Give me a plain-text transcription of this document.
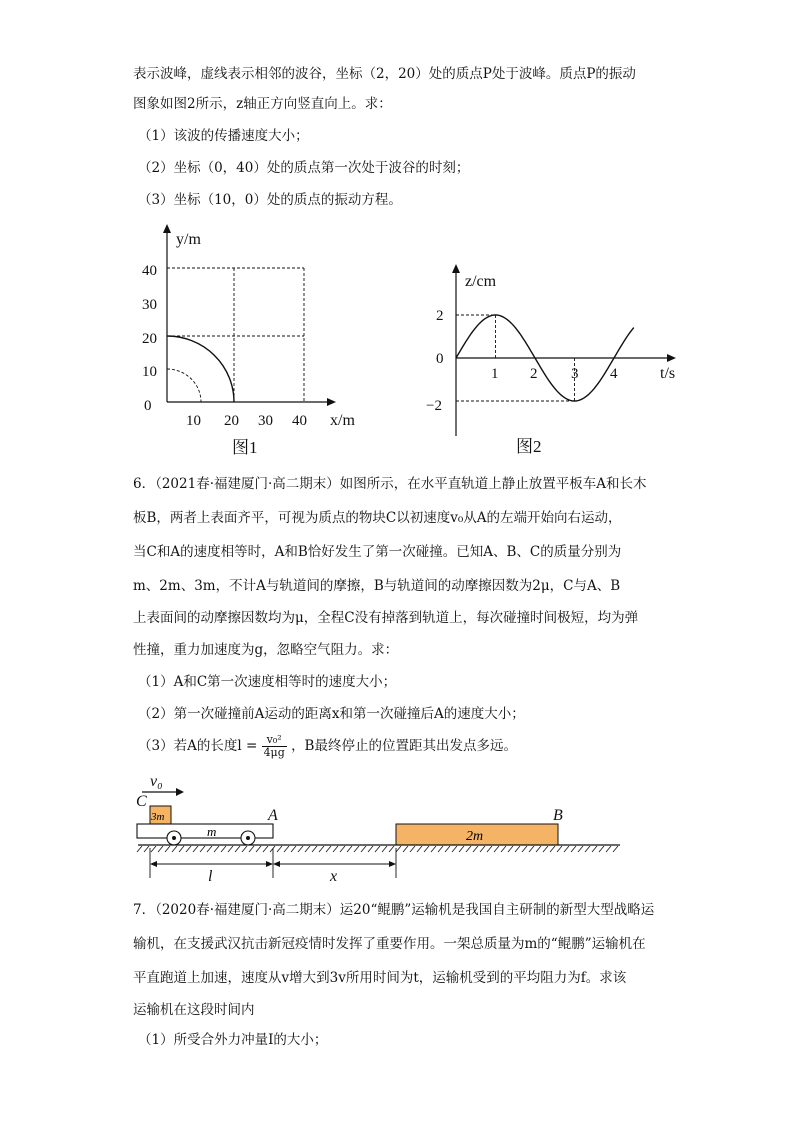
表示波峰，虚线表示相邻的波谷，坐标（2，20）处的质点P处于波峰。质点P的振动
图象如图2所示，z轴正方向竖直向上。求：
（1）该波的传播速度大小；
（2）坐标（0，40）处的质点第一次处于波谷的时刻；
（3）坐标（10，0）处的质点的振动方程。
y/m
x/m
40
30
20
10
0
10 20 30 40
图1
z/cm
t/s
2
0
−2
1 2 3 4
图2
6．（2021春·福建厦门·高二期末）如图所示，在水平直轨道上静止放置平板车A和长木
板B，两者上表面齐平，可视为质点的物块C以初速度v₀从A的左端开始向右运动，
当C和A的速度相等时，A和B恰好发生了第一次碰撞。已知A、B、C的质量分别为
m、2m、3m，不计A与轨道间的摩擦，B与轨道间的动摩擦因数为2μ，C与A、B
上表面间的动摩擦因数均为μ，全程C没有掉落到轨道上，每次碰撞时间极短，均为弹
性撞，重力加速度为g，忽略空气阻力。求：
（1）A和C第一次速度相等时的速度大小；
（2）第一次碰撞前A运动的距离x和第一次碰撞后A的速度大小；
（3）若A的长度$l = \frac{\text{v₀²}}{4\mu g}$ ，B最终停止的位置距其出发点多远。
v₀
C
3m
m
A
2m
B
l	x
7．（2020春·福建厦门·高二期末）运20“鲲鹏”运输机是我国自主研制的新型大型战略运
输机，在支援武汉抗击新冠疫情时发挥了重要作用。一架总质量为m的“鲲鹏”运输机在
平直跑道上加速，速度从v增大到3v所用时间为t，运输机受到的平均阻力为f。求该
运输机在这段时间内
（1）所受合外力冲量I的大小；
